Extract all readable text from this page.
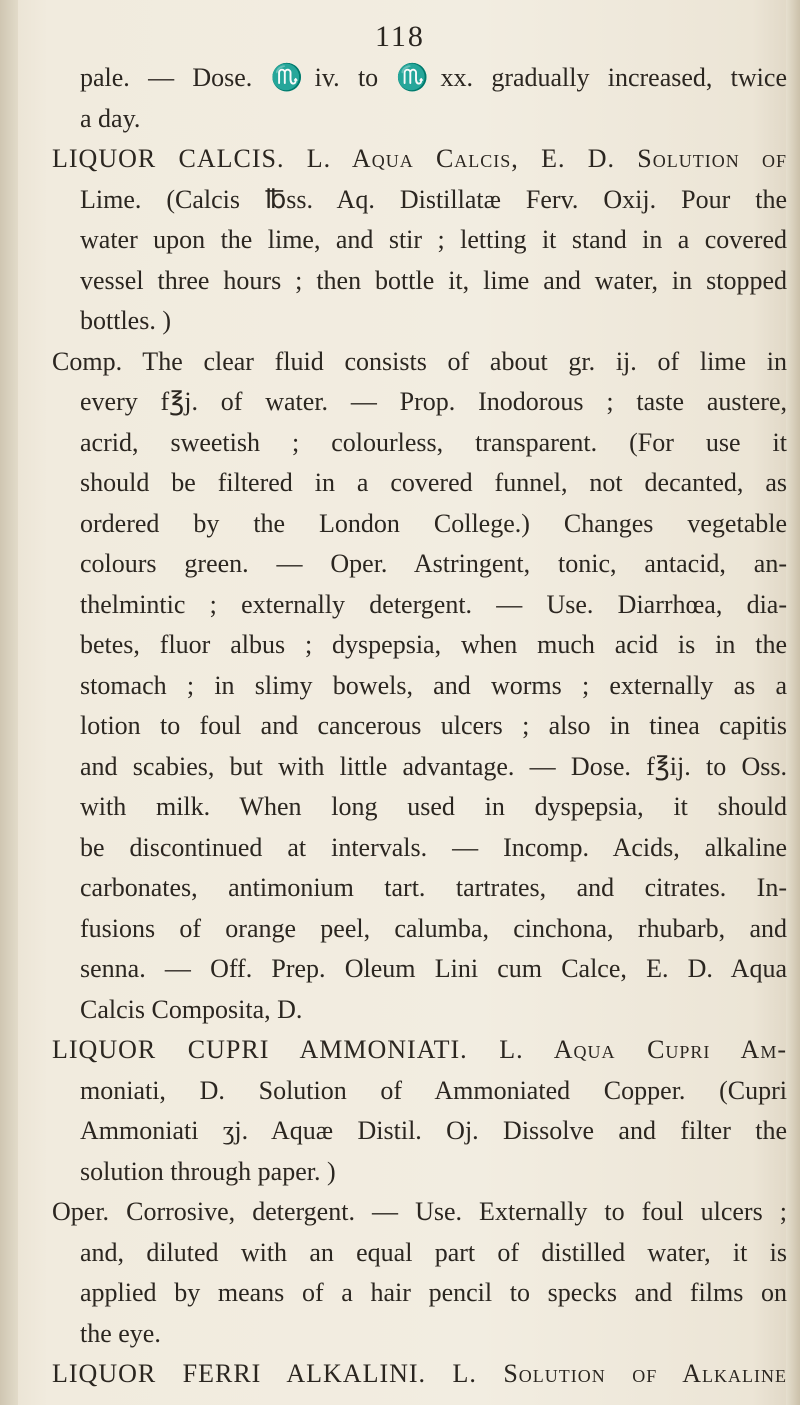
118
pale. — Dose. ♏iv. to ♏xx. gradually increased, twice
a day.
LIQUOR CALCIS. L. Aqua Calcis, E. D. Solution of
Lime. (Calcis ℔ss. Aq. Distillatæ Ferv. Oxij. Pour the
water upon the lime, and stir ; letting it stand in a covered
vessel three hours ; then bottle it, lime and water, in stopped
bottles. )
Comp. The clear fluid consists of about gr. ij. of lime in
every f℥j. of water. — Prop. Inodorous ; taste austere,
acrid, sweetish ; colourless, transparent. (For use it
should be filtered in a covered funnel, not decanted, as
ordered by the London College.) Changes vegetable
colours green. — Oper. Astringent, tonic, antacid, an-
thelmintic ; externally detergent. — Use. Diarrhœa, dia-
betes, fluor albus ; dyspepsia, when much acid is in the
stomach ; in slimy bowels, and worms ; externally as a
lotion to foul and cancerous ulcers ; also in tinea capitis
and scabies, but with little advantage. — Dose. f℥ij. to Oss.
with milk. When long used in dyspepsia, it should
be discontinued at intervals. — Incomp. Acids, alkaline
carbonates, antimonium tart. tartrates, and citrates. In-
fusions of orange peel, calumba, cinchona, rhubarb, and
senna. — Off. Prep. Oleum Lini cum Calce, E. D. Aqua
Calcis Composita, D.
LIQUOR CUPRI AMMONIATI. L. Aqua Cupri Am-
moniati, D. Solution of Ammoniated Copper. (Cupri
Ammoniati ʒj. Aquæ Distil. Oj. Dissolve and filter the
solution through paper. )
Oper. Corrosive, detergent. — Use. Externally to foul ulcers ;
and, diluted with an equal part of distilled water, it is
applied by means of a hair pencil to specks and films on
the eye.
LIQUOR FERRI ALKALINI. L. Solution of Alkaline
